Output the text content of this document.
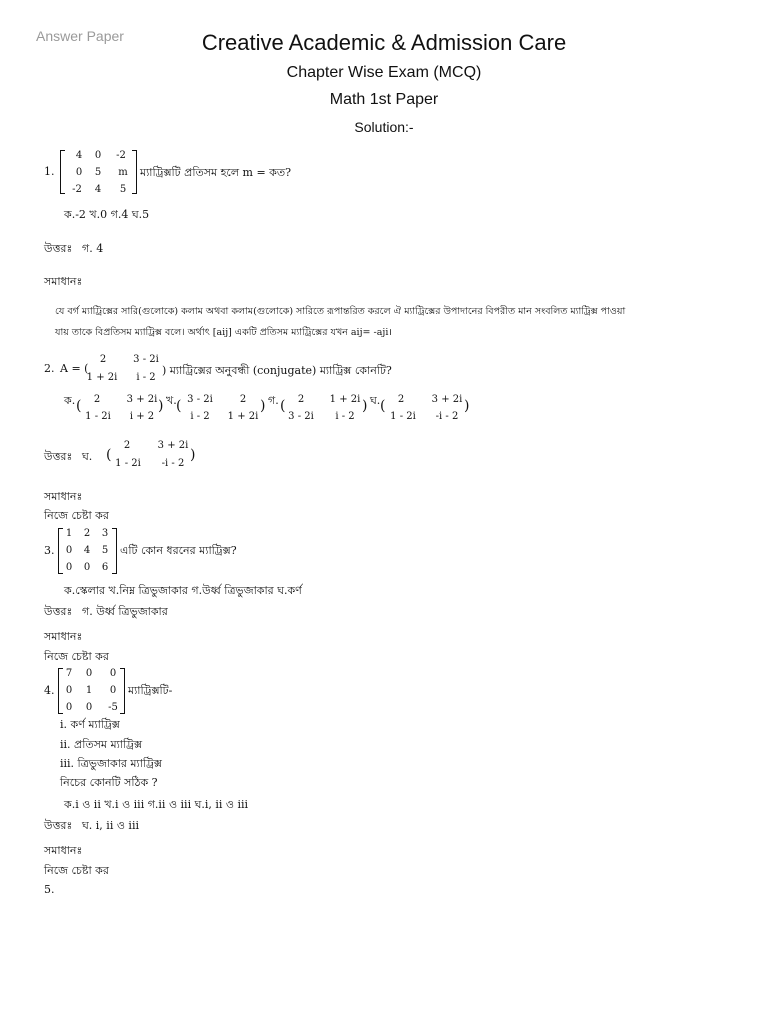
Answer Paper	Creative Academic & Admission Care
Chapter Wise Exam (MCQ)
Math 1st Paper
Solution:-
1.
4	0	-2
0	5	m
-2	4	5
ম্যাট্রিক্সটি প্রতিসম হলে m = কত?
ক.-2 খ.0 গ.4 ঘ.5
উত্তরঃ গ. 4
সমাধানঃ
যে বর্গ ম্যাট্রিক্সের সারি(গুলোকে) কলাম অথবা কলাম(গুলোকে) সারিতে রূপান্তরিত করলে ঐ ম্যাট্রিক্সের উপাদানের বিপরীত মান সংবলিত ম্যাট্রিক্স পাওয়া
যায় তাকে বিপ্রতিসম ম্যাট্রিক্স বলে। অর্থাৎ [aij] একটি প্রতিসম ম্যাট্রিক্সের যখন aij= -aji।
2. A = (
2	3 - 2i
1 + 2i	i - 2
) ম্যাট্রিক্সের অনুবন্ধী (conjugate) ম্যাট্রিক্স কোনটি?
ক. (	2	3 + 2i
1 - 2i	i + 2
) খ. ( 3 - 2i	2
i - 2	1 + 2i
) গ. (	2	1 + 2i
3 - 2i	i - 2
) ঘ. (	2	3 + 2i
1 - 2i	-i - 2
)
উত্তরঃ ঘ. (
2	3 + 2i
1 - 2i	-i - 2
)
সমাধানঃ
নিজে চেষ্টা কর
3.
1	2	3
0	4	5
0	0	6
এটি কোন ধরনের ম্যাট্রিক্স?
ক.স্কেলার খ.নিম্ন ত্রিভুজাকার গ.উর্ধ্ব ত্রিভুজাকার ঘ.কর্ণ
উত্তরঃ গ. উর্ধ্ব ত্রিভুজাকার
সমাধানঃ
নিজে চেষ্টা কর
4.
7	0	0
0	1	0
0	0	-5
ম্যাট্রিক্সটি-
i. কর্ণ ম্যাট্রিক্স
ii. প্রতিসম ম্যাট্রিক্স
iii. ত্রিভুজাকার ম্যাট্রিক্স
নিচের কোনটি সঠিক ?
ক.i ও ii খ.i ও iii গ.ii ও iii ঘ.i, ii ও iii
উত্তরঃ ঘ. i, ii ও iii
সমাধানঃ
নিজে চেষ্টা কর
5.
